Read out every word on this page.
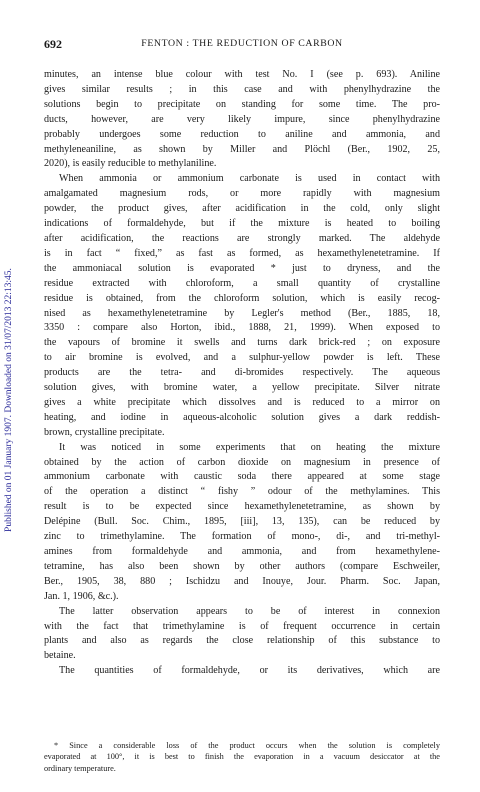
Published on 01 January 1907. Downloaded on 31/07/2013 22:13:45.
692	FENTON : THE REDUCTION OF CARBON

minutes, an intense blue colour with test No. I (see p. 693). Aniline

gives similar results ; in this case and with phenylhydrazine the

solutions begin to precipitate on standing for some time. The pro-

ducts, however, are very likely impure, since phenylhydrazine

probably undergoes some reduction to aniline and ammonia, and

methyleneaniline, as shown by Miller and Plöchl (Ber., 1902, 25,

2020), is easily reducible to methylaniline.

When ammonia or ammonium carbonate is used in contact with

amalgamated magnesium rods, or more rapidly with magnesium

powder, the product gives, after acidification in the cold, only slight

indications of formaldehyde, but if the mixture is heated to boiling

after acidification, the reactions are strongly marked. The aldehyde

is in fact “ fixed,” as fast as formed, as hexamethylenetetramine. If

the ammoniacal solution is evaporated * just to dryness, and the

residue extracted with chloroform, a small quantity of crystalline

residue is obtained, from the chloroform solution, which is easily recog-

nised as hexamethylenetetramine by Legler's method (Ber., 1885, 18,

3350 : compare also Horton, ibid., 1888, 21, 1999). When exposed to

the vapours of bromine it swells and turns dark brick-red ; on exposure

to air bromine is evolved, and a sulphur-yellow powder is left. These

products are the tetra- and di-bromides respectively. The aqueous

solution gives, with bromine water, a yellow precipitate. Silver nitrate

gives a white precipitate which dissolves and is reduced to a mirror on

heating, and iodine in aqueous-alcoholic solution gives a dark reddish-

brown, crystalline precipitate.

It was noticed in some experiments that on heating the mixture

obtained by the action of carbon dioxide on magnesium in presence of

ammonium carbonate with caustic soda there appeared at some stage

of the operation a distinct “ fishy ” odour of the methylamines. This

result is to be expected since hexamethylenetetramine, as shown by

Delépine (Bull. Soc. Chim., 1895, [iii], 13, 135), can be reduced by

zinc to trimethylamine. The formation of mono-, di-, and tri-methyl-

amines from formaldehyde and ammonia, and from hexamethylene-

tetramine, has also been shown by other authors (compare Eschweiler,

Ber., 1905, 38, 880 ; Ischidzu and Inouye, Jour. Pharm. Soc. Japan,

Jan. 1, 1906, &c.).

The latter observation appears to be of interest in connexion

with the fact that trimethylamine is of frequent occurrence in certain

plants and also as regards the close relationship of this substance to

betaine.

The quantities of formaldehyde, or its derivatives, which are

* Since a considerable loss of the product occurs when the solution is completely

evaporated at 100°, it is best to finish the evaporation in a vacuum desiccator at the

ordinary temperature.
